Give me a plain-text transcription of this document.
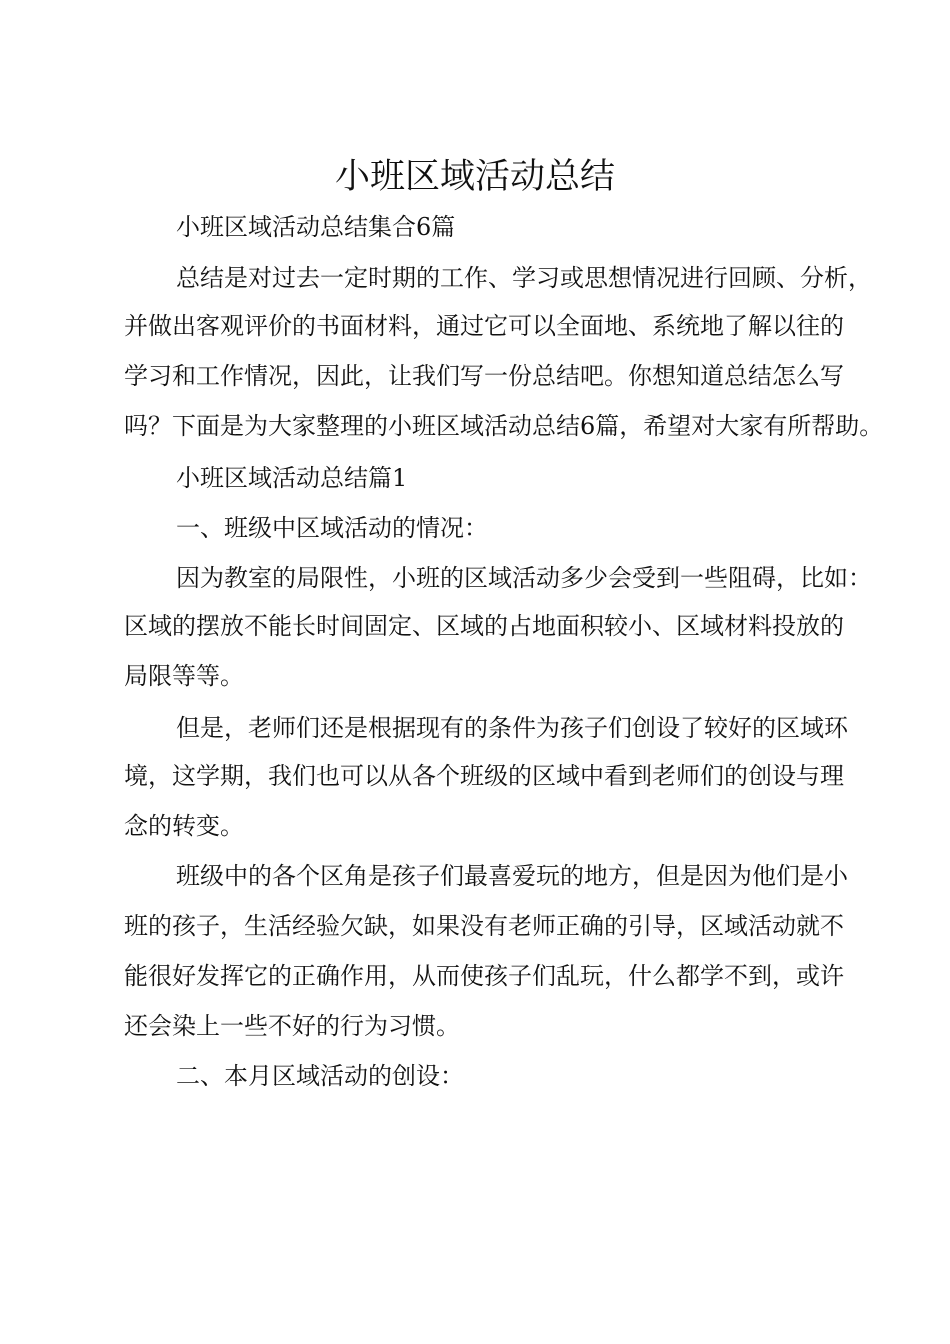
小班区域活动总结
小班区域活动总结集合6篇
总结是对过去一定时期的工作、学习或思想情况进行回顾、分析，
并做出客观评价的书面材料，通过它可以全面地、系统地了解以往的
学习和工作情况，因此，让我们写一份总结吧。你想知道总结怎么写
吗？下面是为大家整理的小班区域活动总结6篇，希望对大家有所帮助。
小班区域活动总结篇1
一、班级中区域活动的情况：
因为教室的局限性，小班的区域活动多少会受到一些阻碍，比如：
区域的摆放不能长时间固定、区域的占地面积较小、区域材料投放的
局限等等。
但是，老师们还是根据现有的条件为孩子们创设了较好的区域环
境，这学期，我们也可以从各个班级的区域中看到老师们的创设与理
念的转变。
班级中的各个区角是孩子们最喜爱玩的地方，但是因为他们是小
班的孩子，生活经验欠缺，如果没有老师正确的引导，区域活动就不
能很好发挥它的正确作用，从而使孩子们乱玩，什么都学不到，或许
还会染上一些不好的行为习惯。
二、本月区域活动的创设：
